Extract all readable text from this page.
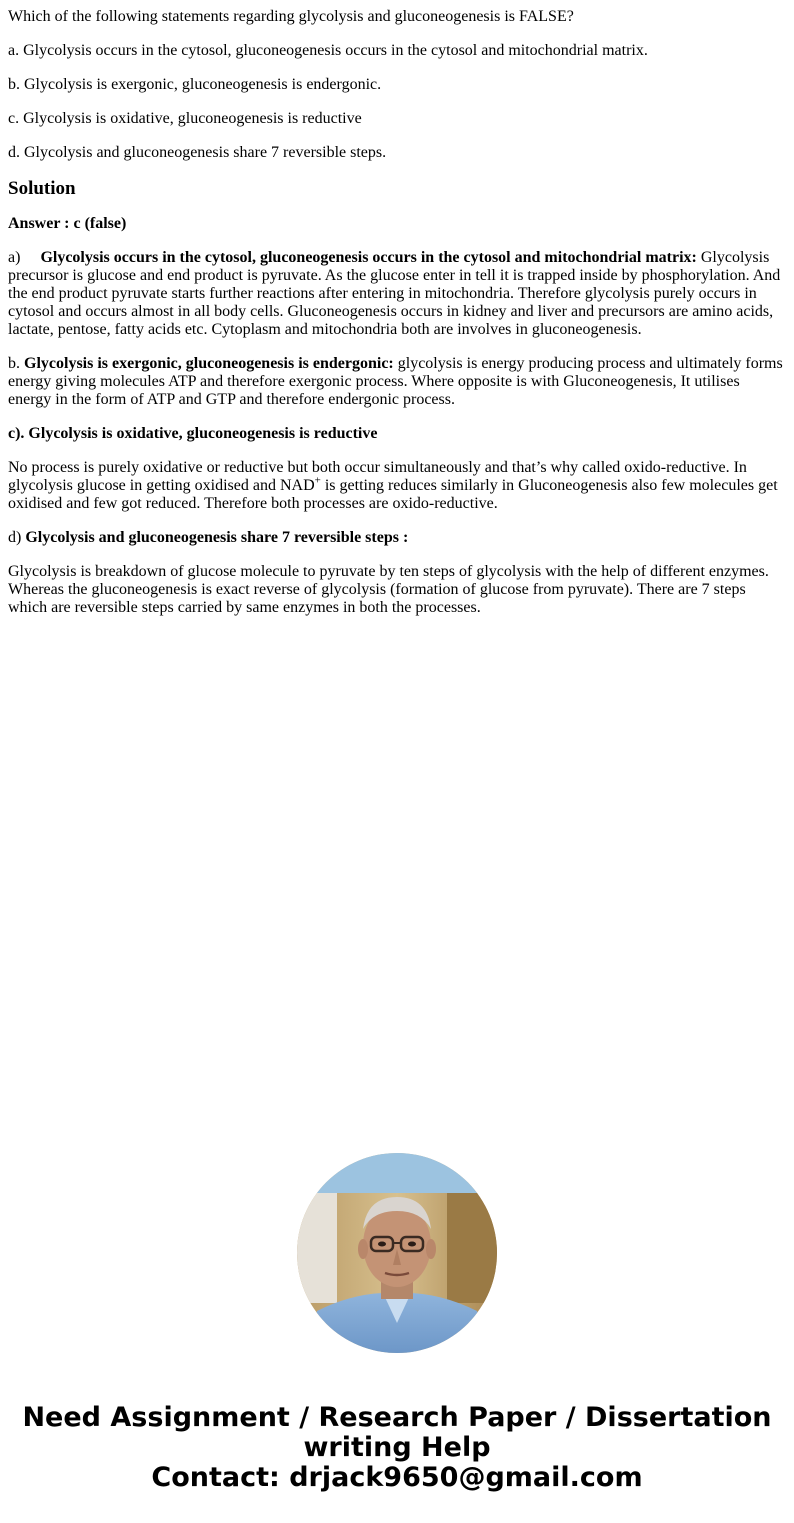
Which of the following statements regarding glycolysis and gluconeogenesis is FALSE?

a. Glycolysis occurs in the cytosol, gluconeogenesis occurs in the cytosol and mitochondrial matrix.

b. Glycolysis is exergonic, gluconeogenesis is endergonic.

c. Glycolysis is oxidative, gluconeogenesis is reductive

d. Glycolysis and gluconeogenesis share 7 reversible steps.

Solution

Answer : c (false)

a) Glycolysis occurs in the cytosol, gluconeogenesis occurs in the cytosol and mitochondrial matrix: Glycolysis precursor is glucose and end product is pyruvate. As the glucose enter in tell it is trapped inside by phosphorylation. And the end product pyruvate starts further reactions after entering in mitochondria. Therefore glycolysis purely occurs in cytosol and occurs almost in all body cells. Gluconeogenesis occurs in kidney and liver and precursors are amino acids, lactate, pentose, fatty acids etc. Cytoplasm and mitochondria both are involves in gluconeogenesis.

b. Glycolysis is exergonic, gluconeogenesis is endergonic: glycolysis is energy producing process and ultimately forms energy giving molecules ATP and therefore exergonic process. Where opposite is with Gluconeogenesis, It utilises energy in the form of ATP and GTP and therefore endergonic process.

c). Glycolysis is oxidative, gluconeogenesis is reductive

No process is purely oxidative or reductive but both occur simultaneously and that’s why called oxido-reductive. In glycolysis glucose in getting oxidised and NAD+ is getting reduces similarly in Gluconeogenesis also few molecules get oxidised and few got reduced. Therefore both processes are oxido-reductive.

d) Glycolysis and gluconeogenesis share 7 reversible steps :

Glycolysis is breakdown of glucose molecule to pyruvate by ten steps of glycolysis with the help of different enzymes. Whereas the gluconeogenesis is exact reverse of glycolysis (formation of glucose from pyruvate). There are 7 steps which are reversible steps carried by same enzymes in both the processes.

Need Assignment / Research Paper / Dissertation
writing Help
Contact: drjack9650@gmail.com
